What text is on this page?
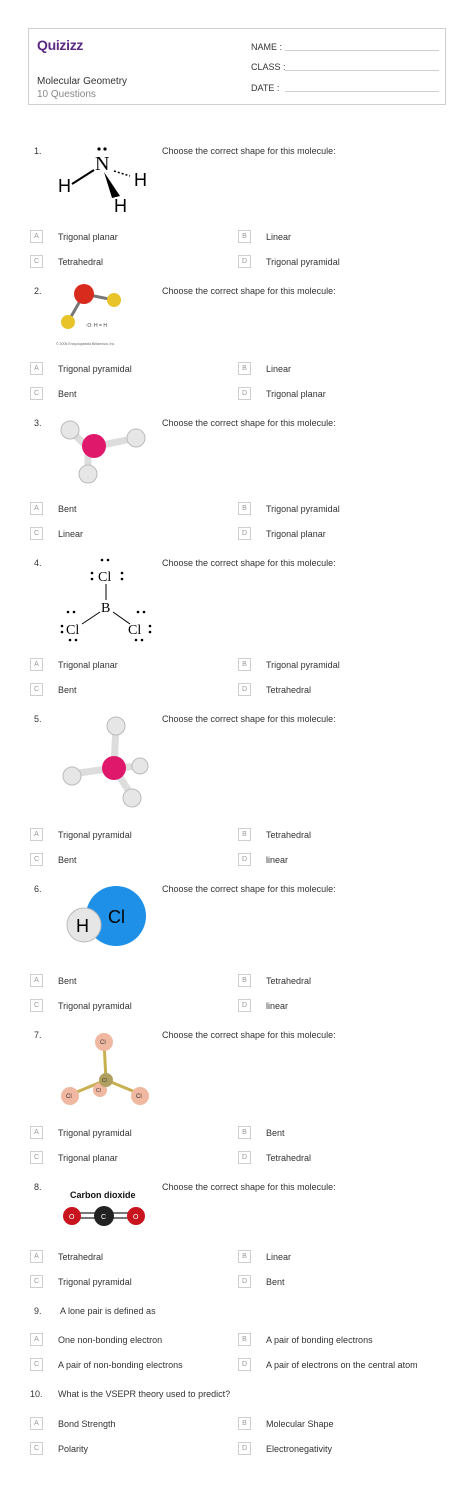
Quizizz
Molecular Geometry
10 Questions
NAME :
CLASS :
DATE :
1.	Choose the correct shape for this molecule:
N
H	H
H
A	Trigonal planar	B	Linear
C	Tetrahedral	D	Trigonal pyramidal
2.	Choose the correct shape for this molecule:
:O: H = H
© 2006 Encyclopaedia Britannica, Inc.
A	Trigonal pyramidal	B	Linear
C	Bent	D	Trigonal planar
3.	Choose the correct shape for this molecule:
A	Bent	B	Trigonal pyramidal
C	Linear	D	Trigonal planar
4.	Choose the correct shape for this molecule:
Cl
B
Cl	Cl
A	Trigonal planar	B	Trigonal pyramidal
C	Bent	D	Tetrahedral
5.	Choose the correct shape for this molecule:
A	Trigonal pyramidal	B	Tetrahedral
C	Bent	D	linear
6.	Choose the correct shape for this molecule:
H Cl
A	Bent	B	Tetrahedral
C	Trigonal pyramidal	D	linear
7.	Choose the correct shape for this molecule:
Cl
Cl	Cl
Cl
Cl
A	Trigonal pyramidal	B	Bent
C	Trigonal planar	D	Tetrahedral
8.	Choose the correct shape for this molecule:
Carbon dioxide
O	C	O
A	Tetrahedral	B	Linear
C	Trigonal pyramidal	D	Bent
9. A lone pair is defined as
A	One non-bonding electron	B	A pair of bonding electrons
C	A pair of non-bonding electrons	D	A pair of electrons on the central atom
10. What is the VSEPR theory used to predict?
A	Bond Strength	B	Molecular Shape
C	Polarity	D	Electronegativity
